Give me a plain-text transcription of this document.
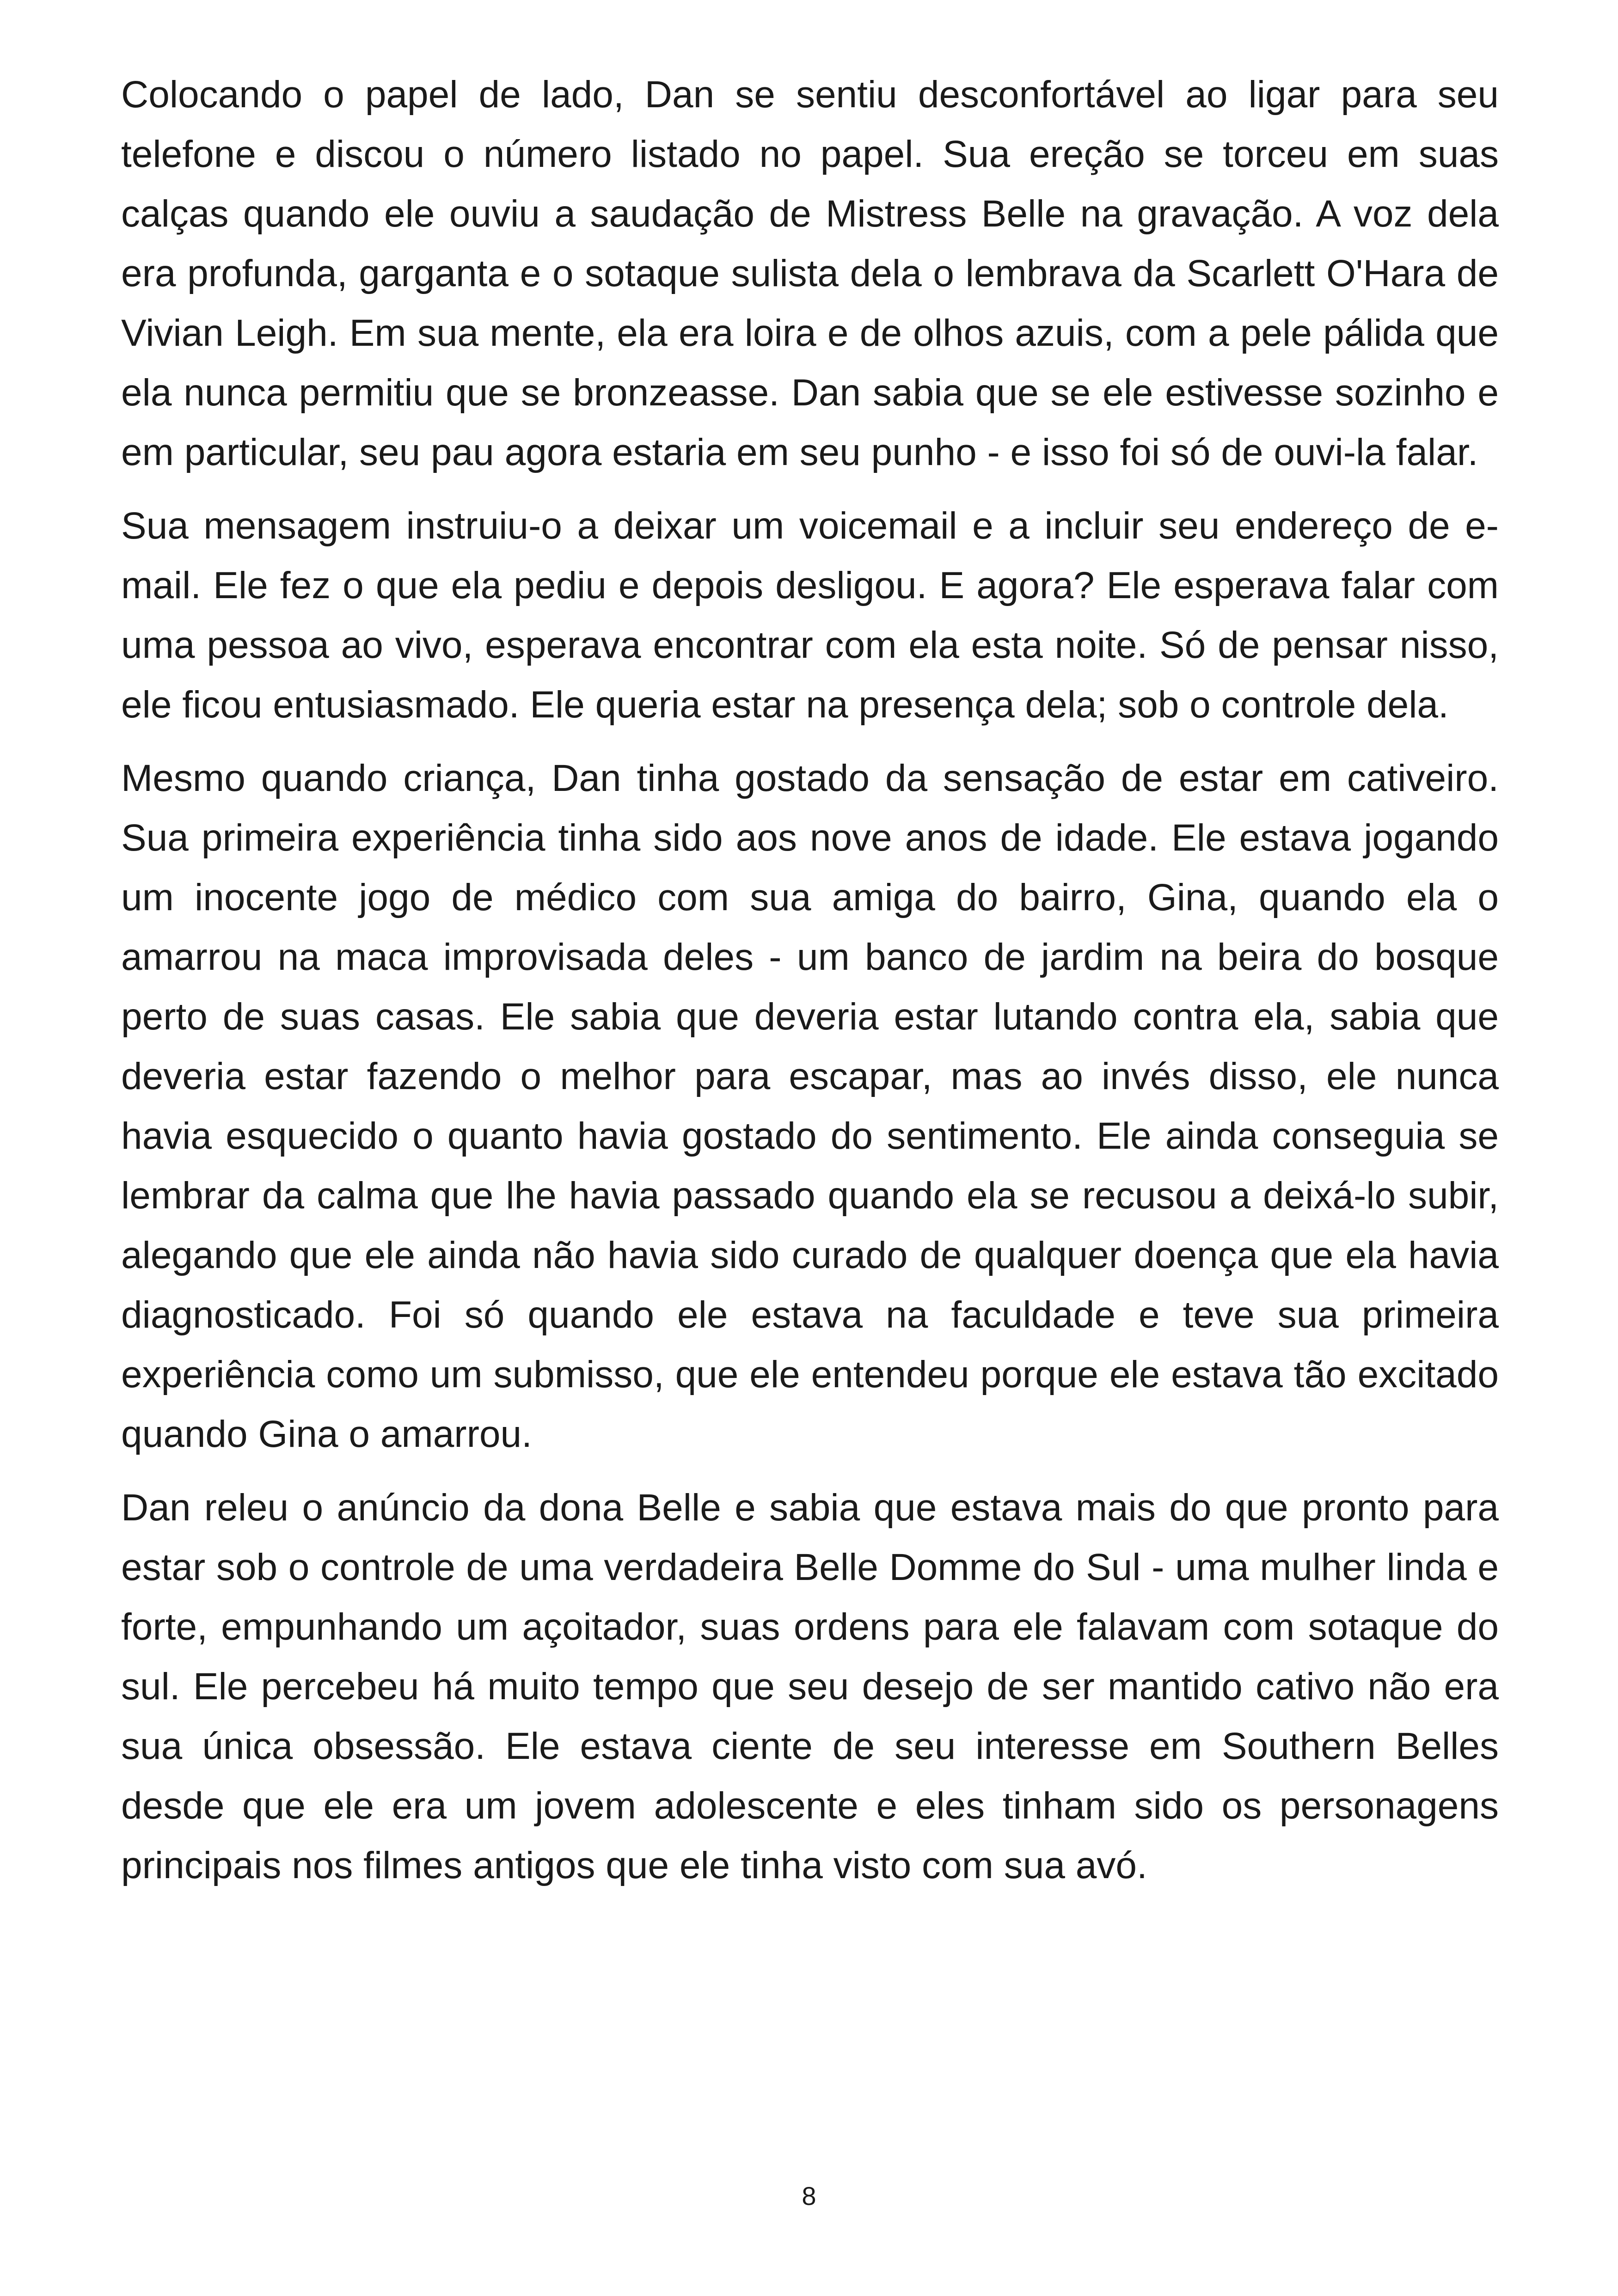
Colocando o papel de lado, Dan se sentiu desconfortável ao ligar para seu telefone e discou o número listado no papel. Sua ereção se torceu em suas calças quando ele ouviu a saudação de Mistress Belle na gravação. A voz dela era profunda, garganta e o sotaque sulista dela o lembrava da Scarlett O'Hara de Vivian Leigh. Em sua mente, ela era loira e de olhos azuis, com a pele pálida que ela nunca permitiu que se bronzeasse. Dan sabia que se ele estivesse sozinho e em particular, seu pau agora estaria em seu punho - e isso foi só de ouvi-la falar.

Sua mensagem instruiu-o a deixar um voicemail e a incluir seu endereço de e-mail. Ele fez o que ela pediu e depois desligou. E agora? Ele esperava falar com uma pessoa ao vivo, esperava encontrar com ela esta noite. Só de pensar nisso, ele ficou entusiasmado. Ele queria estar na presença dela; sob o controle dela.

Mesmo quando criança, Dan tinha gostado da sensação de estar em cativeiro. Sua primeira experiência tinha sido aos nove anos de idade. Ele estava jogando um inocente jogo de médico com sua amiga do bairro, Gina, quando ela o amarrou na maca improvisada deles - um banco de jardim na beira do bosque perto de suas casas. Ele sabia que deveria estar lutando contra ela, sabia que deveria estar fazendo o melhor para escapar, mas ao invés disso, ele nunca havia esquecido o quanto havia gostado do sentimento. Ele ainda conseguia se lembrar da calma que lhe havia passado quando ela se recusou a deixá-lo subir, alegando que ele ainda não havia sido curado de qualquer doença que ela havia diagnosticado. Foi só quando ele estava na faculdade e teve sua primeira experiência como um submisso, que ele entendeu porque ele estava tão excitado quando Gina o amarrou.

Dan releu o anúncio da dona Belle e sabia que estava mais do que pronto para estar sob o controle de uma verdadeira Belle Domme do Sul - uma mulher linda e forte, empunhando um açoitador, suas ordens para ele falavam com sotaque do sul. Ele percebeu há muito tempo que seu desejo de ser mantido cativo não era sua única obsessão. Ele estava ciente de seu interesse em Southern Belles desde que ele era um jovem adolescente e eles tinham sido os personagens principais nos filmes antigos que ele tinha visto com sua avó.

8
